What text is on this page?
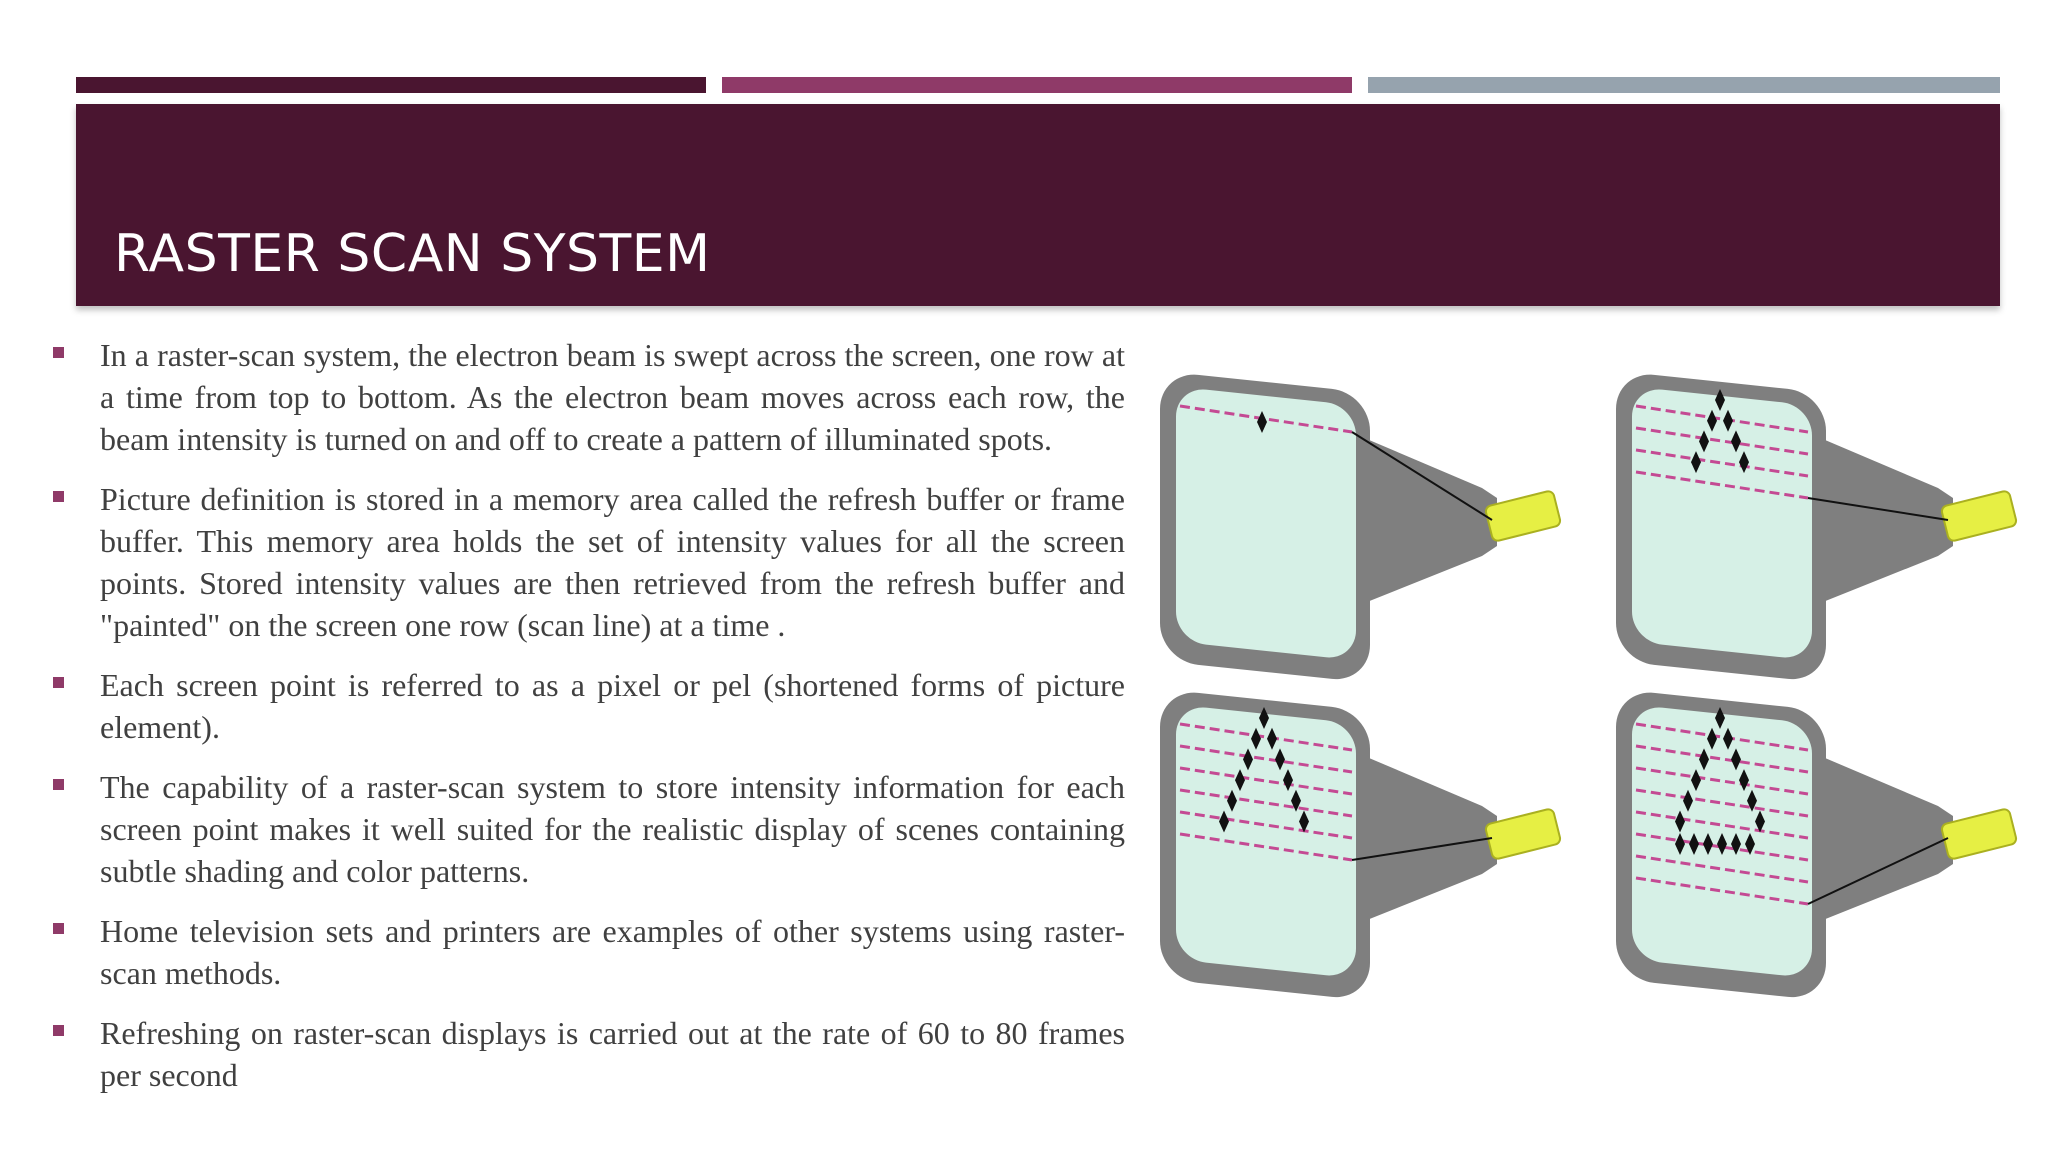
RASTER SCAN SYSTEM
In a raster-scan system, the electron beam is swept across the screen, one row at a time from top to bottom. As the electron beam moves across each row, the beam intensity is turned on and off to create a pattern of illuminated spots.
Picture definition is stored in a memory area called the refresh buffer or frame buffer. This memory area holds the set of intensity values for all the screen points. Stored intensity values are then retrieved from the refresh buffer and "painted" on the screen one row (scan line) at a time .
Each screen point is referred to as a pixel or pel (shortened forms of picture element).
The capability of a raster-scan system to store intensity information for each screen point makes it well suited for the realistic display of scenes containing subtle shading and color patterns.
Home television sets and printers are examples of other systems using raster-scan methods.
Refreshing on raster-scan displays is carried out at the rate of 60 to 80 frames per second
